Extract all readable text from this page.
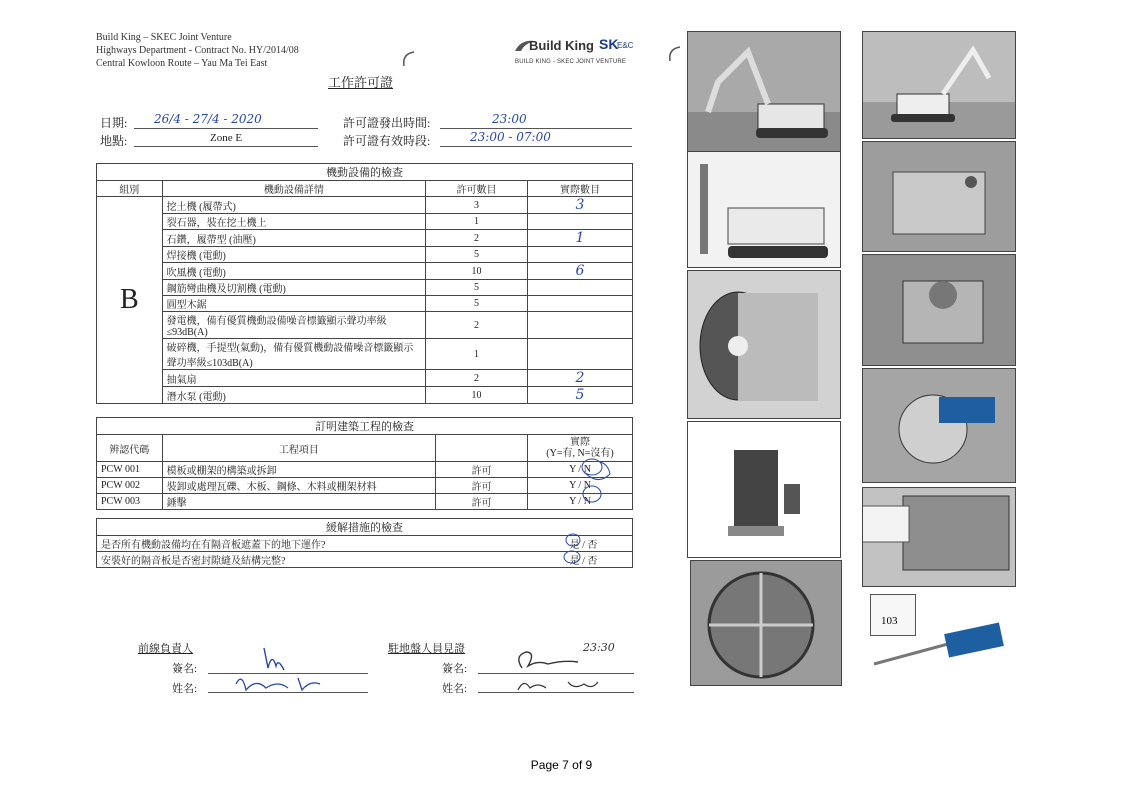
Build King – SKEC Joint Venture
Highways Department - Contract No. HY/2014/08
Central Kowloon Route – Yau Ma Tei East
Build King SK
E&C
BUILD KING - SKEC JOINT VENTURE
工作許可證
日期: 26/4 - 27/4 - 2020
地點:	Zone E
許可證發出時間:	23:00
許可證有效時段:	23:00 - 07:00
機動設備的檢查			
組別	機動設備詳情	許可數目	實際數目
B	挖土機 (履帶式)	3	3
	裂石器，裝在挖土機上	1	
	石鑽，履帶型 (油壓)	2	1
	焊接機 (電動)	5	
	吹風機 (電動)	10	6
	鋼筋彎曲機及切割機 (電動)	5	
	圓型木鋸	5	
	發電機，備有優質機動設備噪音標籤顯示聲功率級≤93dB(A)	2	
	破碎機，手提型(氣動)，備有優質機動設備噪音標籤顯示聲功率級≤103dB(A)	1	
	抽氣扇	2	2
	潛水泵 (電動)	10	5
訂明建築工程的檢查			
辨認代碼	工程項目		實際
(Y=有, N=沒有)
PCW 001	模板或棚架的構築或拆卸	許可	Y / N
PCW 002	裝卸或處理瓦礫、木板、鋼條、木料或棚架材料	許可	Y / N
PCW 003	錘擊	許可	Y / N
緩解措施的檢查	
是否所有機動設備均在有隔音板遮蓋下的地下運作?	是 / 否
安裝好的隔音板是否密封隙縫及結構完整?	是 / 否
前線負責人
簽名:
姓名:
駐地盤人員見證
簽名:
姓名:
23:30
103
Page 7 of 9
